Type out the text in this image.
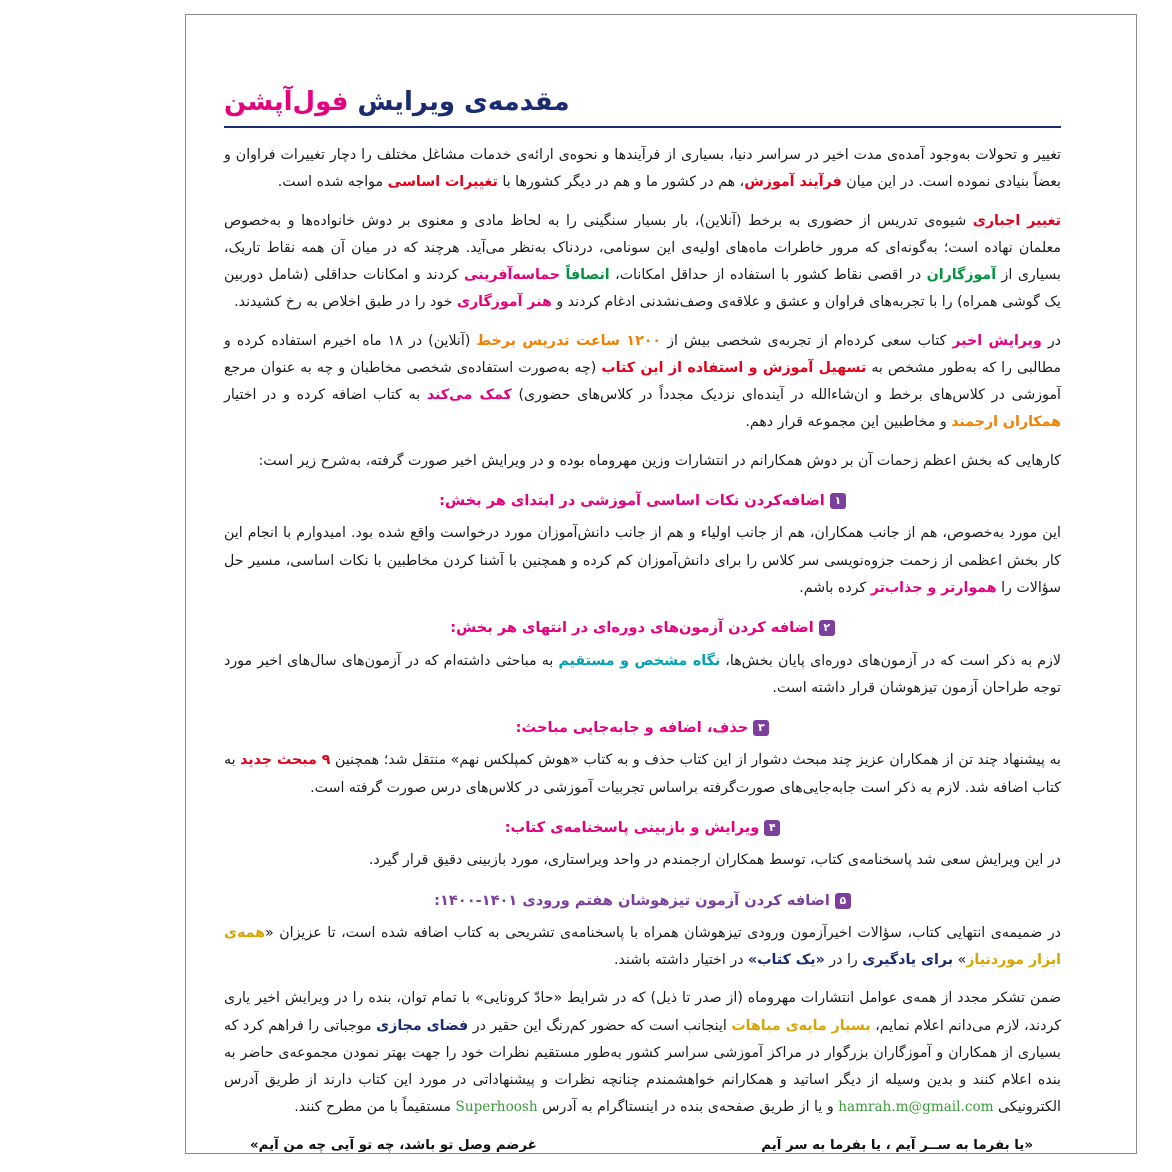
مقدمه‌ی ویرایش فول‌آپشن

تغییر و تحولات به‌وجود آمده‌ی مدت اخیر در سراسر دنیا، بسیاری از فرآیندها و نحوه‌ی ارائه‌ی خدمات مشاغل مختلف را دچار تغییرات فراوان و بعضاً بنیادی نموده است. در این میان فرآیند آموزش، هم در کشور ما و هم در دیگر کشورها با تغییرات اساسی مواجه شده است.

تغییر اجباری شیوه‌ی تدریس از حضوری به برخط (آنلاین)، بار بسیار سنگینی را به لحاظ مادی و معنوی بر دوش خانواده‌ها و به‌خصوص معلمان نهاده است؛ به‌گونه‌ای که مرور خاطرات ماه‌های اولیه‌ی این سونامی، دردناک به‌نظر می‌آید. هرچند که در میان آن همه نقاط تاریک، بسیاری از آموزگاران در اقصی نقاط کشور با استفاده از حداقل امکانات، انصافاً حماسه‌آفرینی کردند و امکانات حداقلی (شامل دوربین یک گوشی همراه) را با تجربه‌های فراوان و عشق و علاقه‌ی وصف‌نشدنی ادغام کردند و هنر آموزگاری خود را در طبق اخلاص به رخ کشیدند.

در ویرایش اخیر کتاب سعی کرده‌ام از تجربه‌ی شخصی بیش از ۱۲۰۰ ساعت تدریس برخط (آنلاین) در ۱۸ ماه اخیرم استفاده کرده و مطالبی را که به‌طور مشخص به تسهیل آموزش و استفاده از این کتاب (چه به‌صورت استفاده‌ی شخصی مخاطبان و چه به عنوان مرجع آموزشی در کلاس‌های برخط و ان‌شاءالله در آینده‌ای نزدیک مجدداً در کلاس‌های حضوری) کمک می‌کند به کتاب اضافه کرده و در اختیار همکاران ارجمند و مخاطبین این مجموعه قرار دهم.

کارهایی که بخش اعظم زحمات آن بر دوش همکارانم در انتشارات وزین مهروماه بوده و در ویرایش اخیر صورت گرفته، به‌شرح زیر است:

۱اضافه‌کردن نکات اساسی آموزشی در ابتدای هر بخش:

این مورد به‌خصوص، هم از جانب همکاران، هم از جانب اولیاء و هم از جانب دانش‌آموزان مورد درخواست واقع شده بود. امیدوارم با انجام این کار بخش اعظمی از زحمت جزوه‌نویسی سر کلاس را برای دانش‌آموزان کم کرده و همچنین با آشنا کردن مخاطبین با نکات اساسی، مسیر حل سؤالات را هموارتر و جذاب‌تر کرده باشم.

۲اضافه کردن آزمون‌های دوره‌ای در انتهای هر بخش:

لازم به ذکر است که در آزمون‌های دوره‌ای پایان بخش‌ها، نگاه مشخص و مستقیم به مباحثی داشته‌ام که در آزمون‌های سال‌های اخیر مورد توجه طراحان آزمون تیزهوشان قرار داشته است.

۳حذف، اضافه و جابه‌جایی مباحث:

به پیشنهاد چند تن از همکاران عزیز چند مبحث دشوار از این کتاب حذف و به کتاب «هوش کمپلکس نهم» منتقل شد؛ همچنین ۹ مبحث جدید به کتاب اضافه شد. لازم به ذکر است جابه‌جایی‌های صورت‌گرفته براساس تجربیات آموزشی در کلاس‌های درس صورت گرفته است.

۴ویرایش و بازبینی پاسخنامه‌ی کتاب:

در این ویرایش سعی شد پاسخنامه‌ی کتاب، توسط همکاران ارجمندم در واحد ویراستاری، مورد بازبینی دقیق قرار گیرد.

۵اضافه کردن آزمون تیزهوشان هفتم ورودی ۱۴۰۱-۱۴۰۰:

در ضمیمه‌ی انتهایی کتاب، سؤالات اخیرآزمون ورودی تیزهوشان همراه با پاسخنامه‌ی تشریحی به کتاب اضافه شده است، تا عزیزان «همه‌ی ابزار موردنیاز» برای یادگیری را در «یک کتاب» در اختیار داشته باشند.

ضمن تشکر مجدد از همه‌ی عوامل انتشارات مهروماه (از صدر تا ذیل) که در شرایط «حادّ کرونایی» با تمام توان، بنده را در ویرایش اخیر یاری کردند، لازم می‌دانم اعلام نمایم، بسیار مایه‌ی مباهات اینجانب است که حضور کم‌رنگ این حقیر در فضای مجازی موجباتی را فراهم کرد که بسیاری از همکاران و آموزگاران بزرگوار در مراکز آموزشی سراسر کشور به‌طور مستقیم نظرات خود را جهت بهتر نمودن مجموعه‌ی حاضر به بنده اعلام کنند و بدین وسیله از دیگر اساتید و همکارانم خواهشمندم چنانچه نظرات و پیشنهاداتی در مورد این کتاب دارند از طریق آدرس الکترونیکی hamrah.m@gmail.com و یا از طریق صفحه‌ی بنده در اینستاگرام به آدرس Superhoosh مستقیماً با من مطرح کنند.

«یا بفرما به ســر آیم ، یا بفرما به سر آیم
غرضم وصل تو باشد، چه تو آیی چه من آیم»
